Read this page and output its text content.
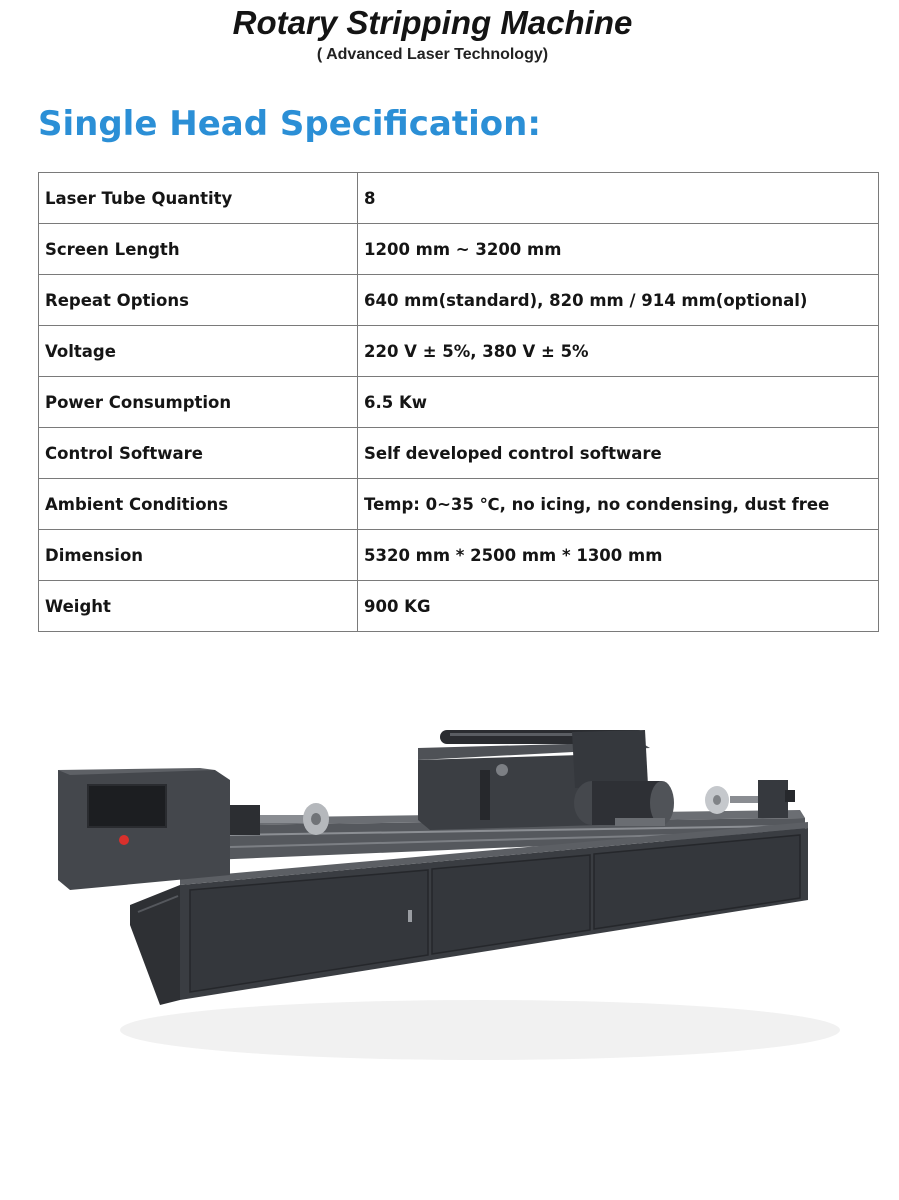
Rotary Stripping Machine
( Advanced Laser Technology)
Single Head Specification:
Laser Tube Quantity	8
Screen Length	1200 mm ~ 3200 mm
Repeat Options	640 mm(standard), 820 mm / 914 mm(optional)
Voltage	220 V ± 5%, 380 V ± 5%
Power Consumption	6.5 Kw
Control Software	Self developed control software
Ambient Conditions	Temp: 0~35 ℃, no icing, no condensing, dust free
Dimension	5320 mm * 2500 mm * 1300 mm
Weight	900 KG
